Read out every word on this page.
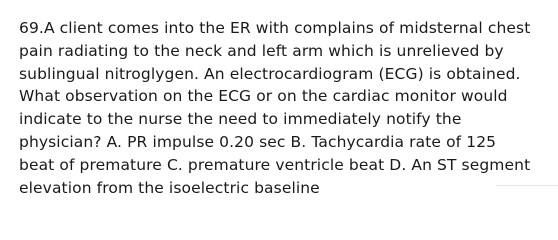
69.A client comes into the ER with complains of midsternal chest
pain radiating to the neck and left arm which is unrelieved by
sublingual nitroglygen. An electrocardiogram (ECG) is obtained.
What observation on the ECG or on the cardiac monitor would
indicate to the nurse the need to immediately notify the
physician? A. PR impulse 0.20 sec B. Tachycardia rate of 125
beat of premature C. premature ventricle beat D. An ST segment
elevation from the isoelectric baseline
